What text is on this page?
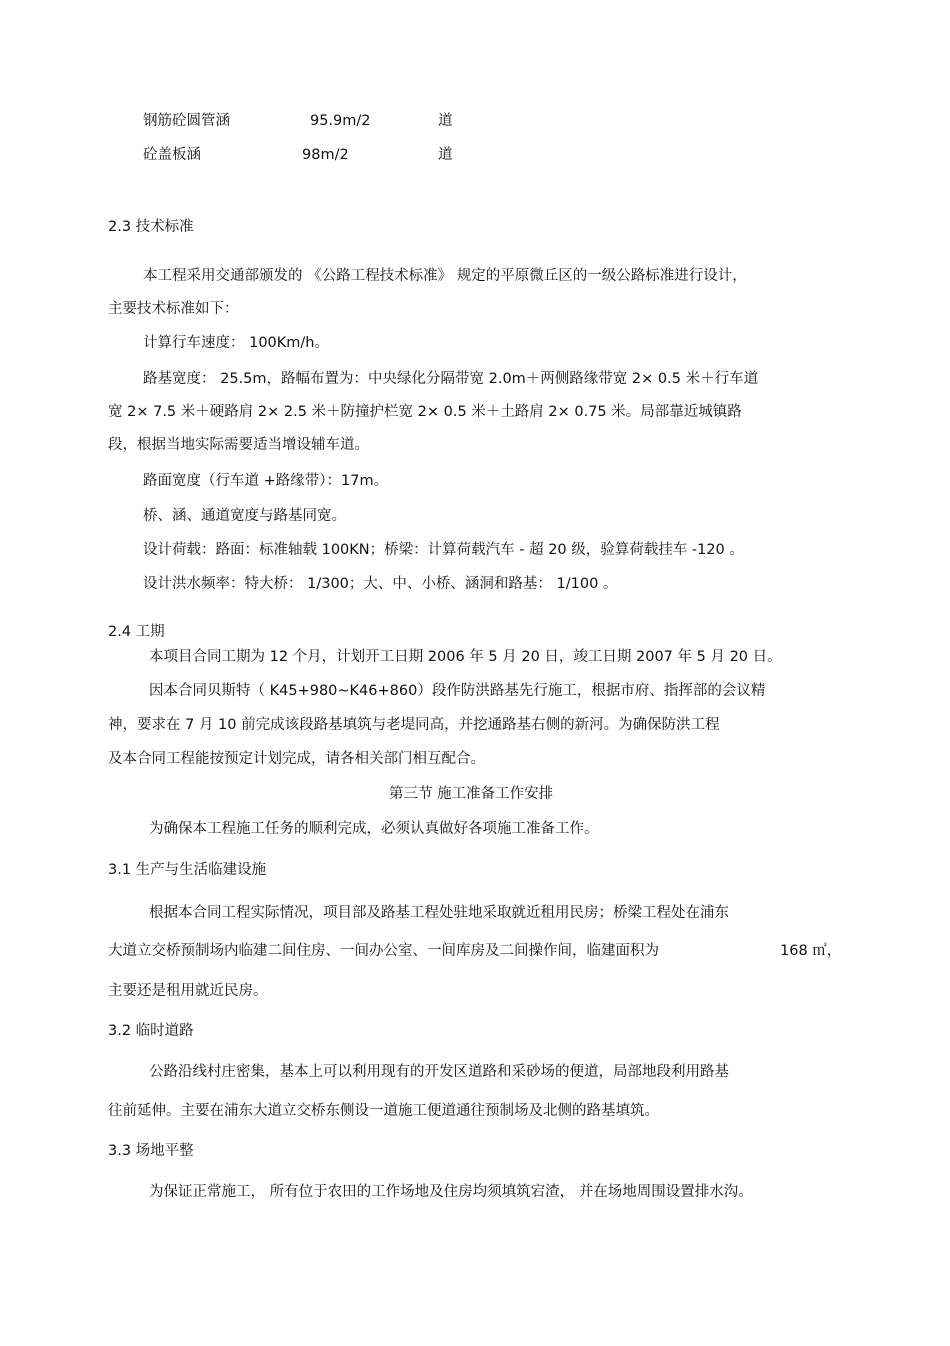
钢筋砼圆管涵	95.9m/2	道
砼盖板涵	98m/2	道
2.3 技术标准
本工程采用交通部颁发的 《公路工程技术标准》 规定的平原微丘区的一级公路标准进行设计，
主要技术标准如下：
计算行车速度： 100Km/h。
路基宽度： 25.5m，路幅布置为：中央绿化分隔带宽 2.0m＋两侧路缘带宽 2× 0.5 米＋行车道
宽 2× 7.5 米＋硬路肩 2× 2.5 米＋防撞护栏宽 2× 0.5 米＋土路肩 2× 0.75 米。局部靠近城镇路
段，根据当地实际需要适当增设辅车道。
路面宽度（行车道 +路缘带）：17m。
桥、涵、通道宽度与路基同宽。
设计荷载：路面：标准轴载 100KN；桥梁：计算荷载汽车 - 超 20 级，验算荷载挂车 -120 。
设计洪水频率：特大桥： 1/300；大、中、小桥、涵洞和路基： 1/100 。
2.4 工期
本项目合同工期为 12 个月，计划开工日期 2006 年 5 月 20 日，竣工日期 2007 年 5 月 20 日。
因本合同贝斯特（ K45+980~K46+860）段作防洪路基先行施工，根据市府、指挥部的会议精
神，要求在 7 月 10 前完成该段路基填筑与老堤同高，并挖通路基右侧的新河。为确保防洪工程
及本合同工程能按预定计划完成，请各相关部门相互配合。
第三节 施工准备工作安排
为确保本工程施工任务的顺利完成，必须认真做好各项施工准备工作。
3.1 生产与生活临建设施
根据本合同工程实际情况，项目部及路基工程处驻地采取就近租用民房；桥梁工程处在浦东
大道立交桥预制场内临建二间住房、一间办公室、一间库房及二间操作间，临建面积为	168 ㎡，
主要还是租用就近民房。
3.2 临时道路
公路沿线村庄密集，基本上可以利用现有的开发区道路和采砂场的便道，局部地段利用路基
往前延伸。主要在浦东大道立交桥东侧设一道施工便道通往预制场及北侧的路基填筑。
3.3 场地平整
为保证正常施工， 所有位于农田的工作场地及住房均须填筑宕渣， 并在场地周围设置排水沟。
